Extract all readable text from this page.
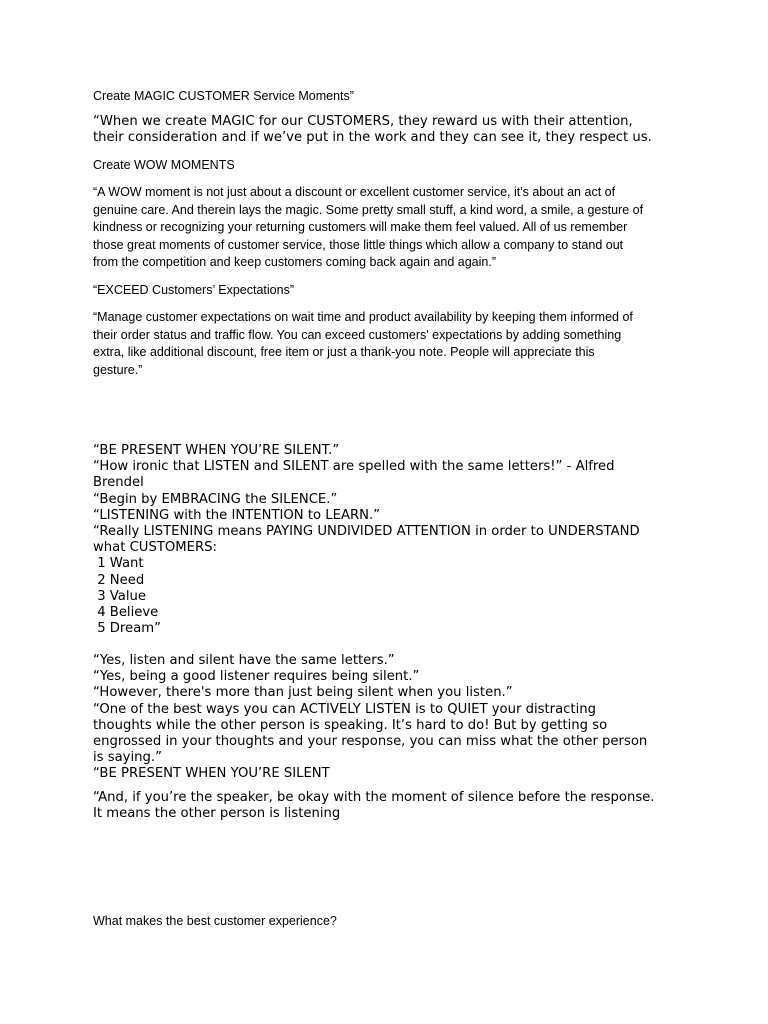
Create MAGIC CUSTOMER Service Moments”

“When we create MAGIC for our CUSTOMERS, they reward us with their attention,
their consideration and if we’ve put in the work and they can see it, they respect us.

Create WOW MOMENTS

“A WOW moment is not just about a discount or excellent customer service, it's about an act of
genuine care. And therein lays the magic. Some pretty small stuff, a kind word, a smile, a gesture of
kindness or recognizing your returning customers will make them feel valued. All of us remember
those great moments of customer service, those little things which allow a company to stand out
from the competition and keep customers coming back again and again.”

“EXCEED Customers’ Expectations”

“Manage customer expectations on wait time and product availability by keeping them informed of
their order status and traffic flow. You can exceed customers' expectations by adding something
extra, like additional discount, free item or just a thank-you note. People will appreciate this
gesture.”

“BE PRESENT WHEN YOU’RE SILENT.”
“How ironic that LISTEN and SILENT are spelled with the same letters!” - Alfred
Brendel
“Begin by EMBRACING the SILENCE.”
“LISTENING with the INTENTION to LEARN.”
“Really LISTENING means PAYING UNDIVIDED ATTENTION in order to UNDERSTAND
what CUSTOMERS:
1 Want
2 Need
3 Value
4 Believe
5 Dream”

“Yes, listen and silent have the same letters.”
“Yes, being a good listener requires being silent.”
“However, there's more than just being silent when you listen.”
“One of the best ways you can ACTIVELY LISTEN is to QUIET your distracting
thoughts while the other person is speaking. It’s hard to do! But by getting so
engrossed in your thoughts and your response, you can miss what the other person
is saying.”
“BE PRESENT WHEN YOU’RE SILENT

“And, if you’re the speaker, be okay with the moment of silence before the response.
It means the other person is listening

What makes the best customer experience?
